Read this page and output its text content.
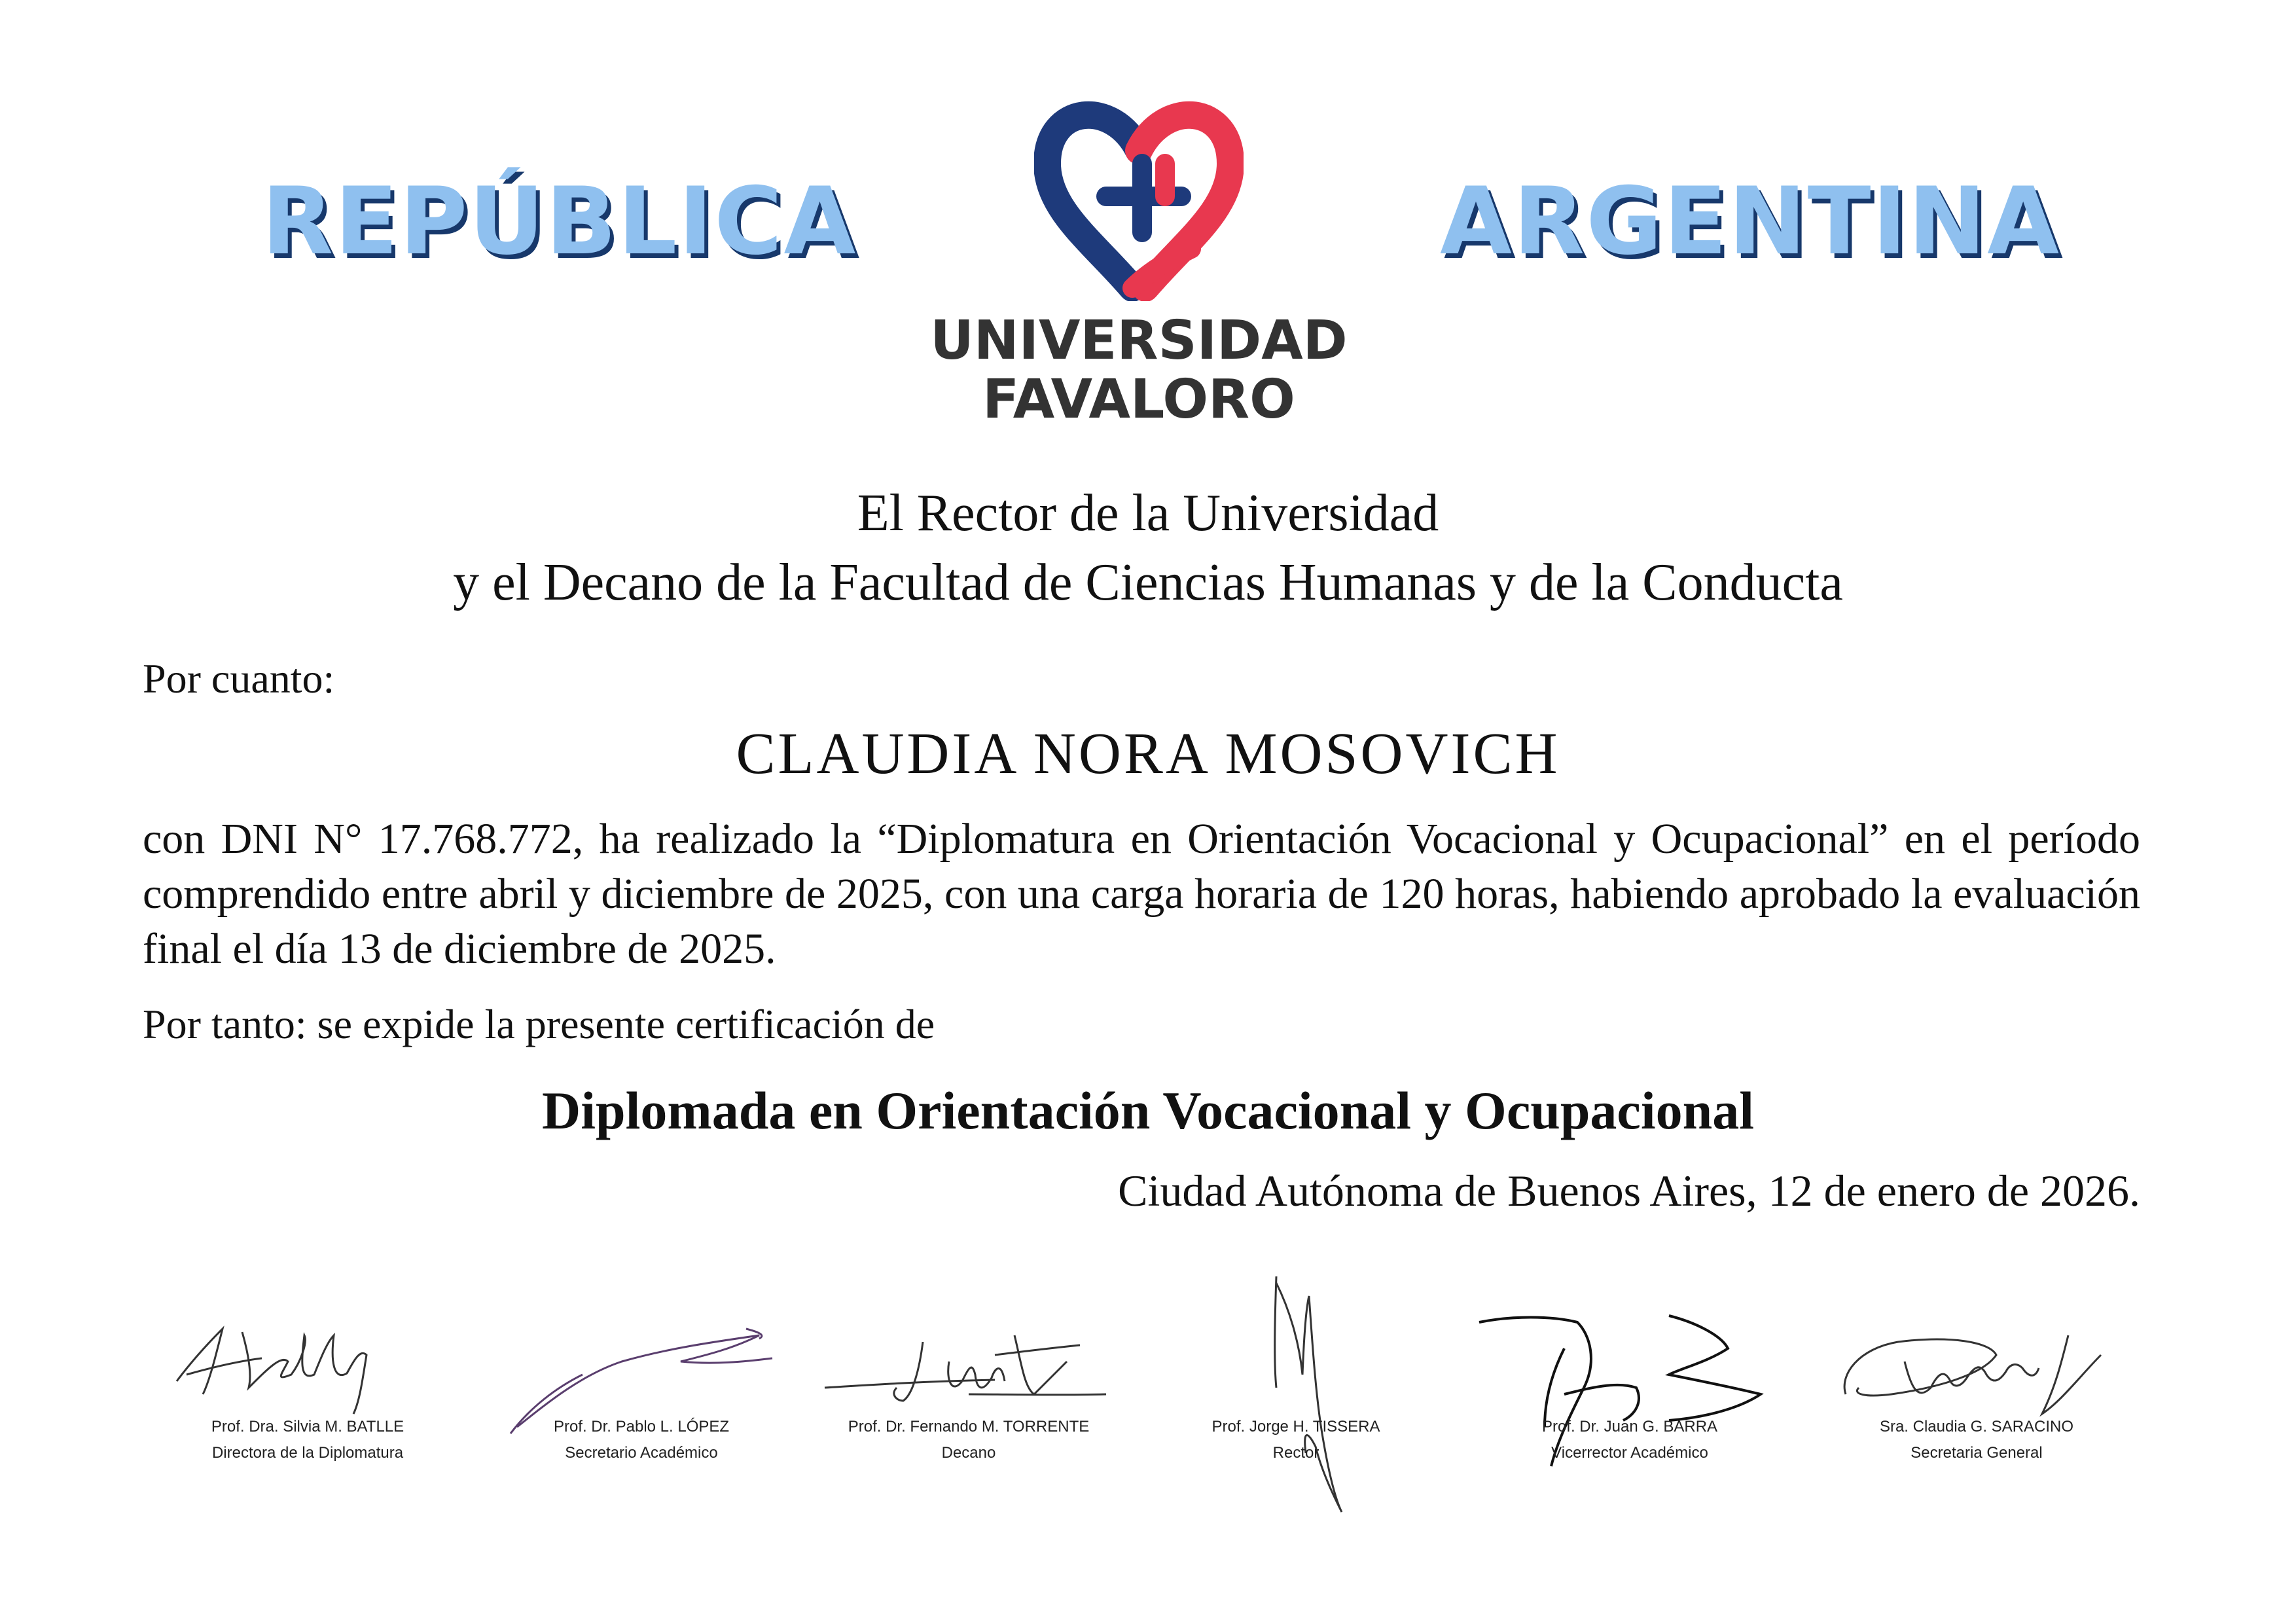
REPÚBLICA	ARGENTINA
UNIVERSIDAD
FAVALORO
El Rector de la Universidad
y el Decano de la Facultad de Ciencias Humanas y de la Conducta
Por cuanto:
CLAUDIA NORA MOSOVICH
con DNI N° 17.768.772, ha realizado la “Diplomatura en Orientación Vocacional y Ocupacional” en el período comprendido entre abril y diciembre de 2025, con una carga horaria de 120 horas, habiendo aprobado la evaluación final el día 13 de diciembre de 2025.
Por tanto: se expide la presente certificación de
Diplomada en Orientación Vocacional y Ocupacional
Ciudad Autónoma de Buenos Aires, 12 de enero de 2026.
Prof. Dra. Silvia M. BATLLE
Directora de la Diplomatura
Prof. Dr. Pablo L. LÓPEZ
Secretario Académico
Prof. Dr. Fernando M. TORRENTE
Decano
Prof. Jorge H. TISSERA
Rector
Prof. Dr. Juan G. BARRA
Vicerrector Académico
Sra. Claudia G. SARACINO
Secretaria General
